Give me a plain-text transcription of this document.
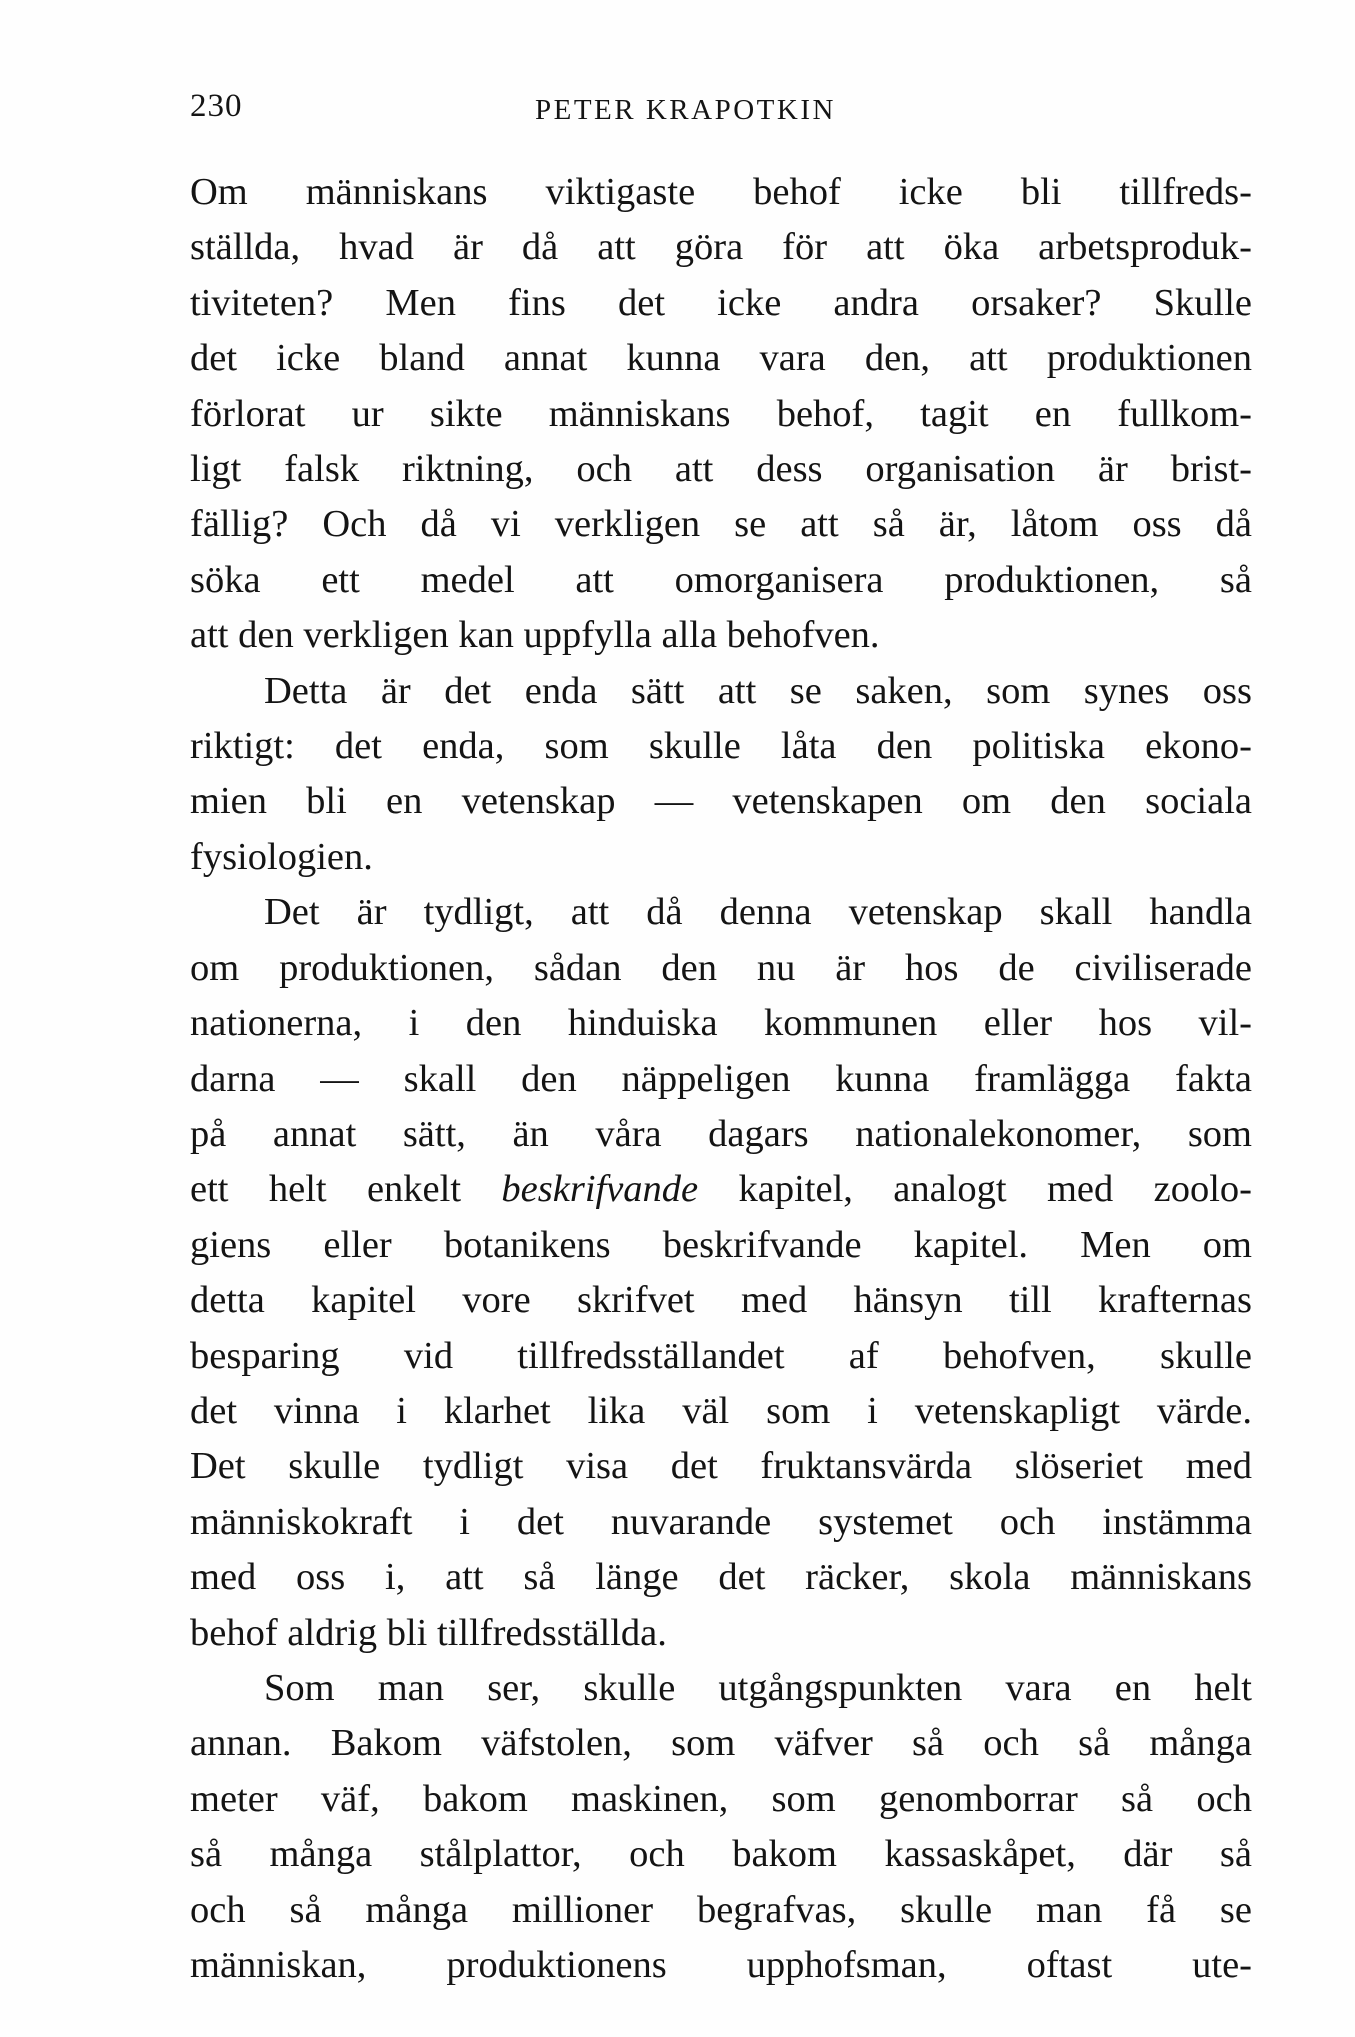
230	PETER KRAPOTKIN
Om människans viktigaste behof icke bli tillfreds-
ställda, hvad är då att göra för att öka arbetsproduk-
tiviteten? Men fins det icke andra orsaker? Skulle
det icke bland annat kunna vara den, att produktionen
förlorat ur sikte människans behof, tagit en fullkom-
ligt falsk riktning, och att dess organisation är brist-
fällig? Och då vi verkligen se att så är, låtom oss då
söka ett medel att omorganisera produktionen, så
att den verkligen kan uppfylla alla behofven.
Detta är det enda sätt att se saken, som synes oss
riktigt: det enda, som skulle låta den politiska ekono-
mien bli en vetenskap — vetenskapen om den sociala
fysiologien.
Det är tydligt, att då denna vetenskap skall handla
om produktionen, sådan den nu är hos de civiliserade
nationerna, i den hinduiska kommunen eller hos vil-
darna — skall den näppeligen kunna framlägga fakta
på annat sätt, än våra dagars nationalekonomer, som
ett helt enkelt beskrifvande kapitel, analogt med zoolo-
giens eller botanikens beskrifvande kapitel. Men om
detta kapitel vore skrifvet med hänsyn till krafternas
besparing vid tillfredsställandet af behofven, skulle
det vinna i klarhet lika väl som i vetenskapligt värde.
Det skulle tydligt visa det fruktansvärda slöseriet med
människokraft i det nuvarande systemet och instämma
med oss i, att så länge det räcker, skola människans
behof aldrig bli tillfredsställda.
Som man ser, skulle utgångspunkten vara en helt
annan. Bakom väfstolen, som väfver så och så många
meter väf, bakom maskinen, som genomborrar så och
så många stålplattor, och bakom kassaskåpet, där så
och så många millioner begrafvas, skulle man få se
människan, produktionens upphofsman, oftast ute-
